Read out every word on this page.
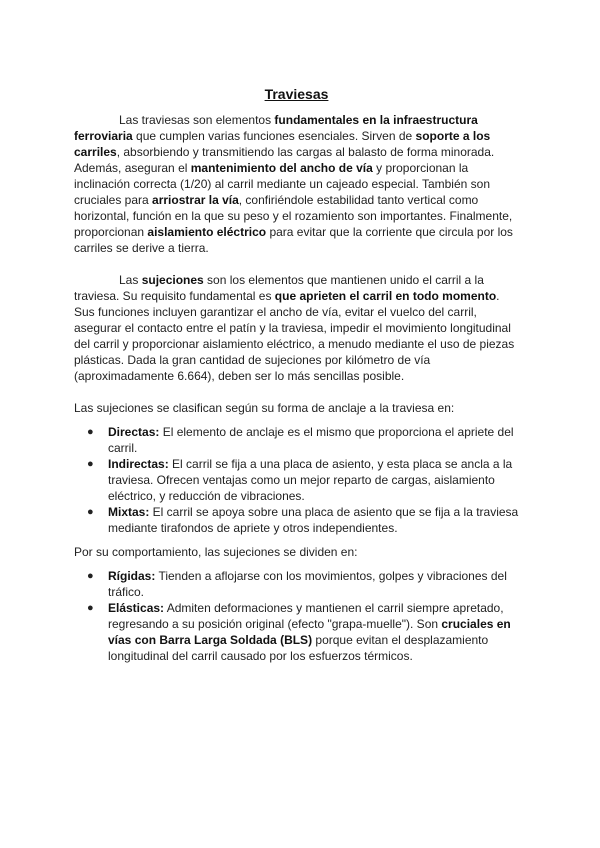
Traviesas

Las traviesas son elementos fundamentales en la infraestructura ferroviaria que cumplen varias funciones esenciales. Sirven de soporte a los carriles, absorbiendo y transmitiendo las cargas al balasto de forma minorada. Además, aseguran el mantenimiento del ancho de vía y proporcionan la inclinación correcta (1/20) al carril mediante un cajeado especial. También son cruciales para arriostrar la vía, confiriéndole estabilidad tanto vertical como horizontal, función en la que su peso y el rozamiento son importantes. Finalmente, proporcionan aislamiento eléctrico para evitar que la corriente que circula por los carriles se derive a tierra.

Las sujeciones son los elementos que mantienen unido el carril a la traviesa. Su requisito fundamental es que aprieten el carril en todo momento. Sus funciones incluyen garantizar el ancho de vía, evitar el vuelco del carril, asegurar el contacto entre el patín y la traviesa, impedir el movimiento longitudinal del carril y proporcionar aislamiento eléctrico, a menudo mediante el uso de piezas plásticas. Dada la gran cantidad de sujeciones por kilómetro de vía (aproximadamente 6.664), deben ser lo más sencillas posible.

Las sujeciones se clasifican según su forma de anclaje a la traviesa en:

● Directas: El elemento de anclaje es el mismo que proporciona el apriete del carril.
● Indirectas: El carril se fija a una placa de asiento, y esta placa se ancla a la traviesa. Ofrecen ventajas como un mejor reparto de cargas, aislamiento eléctrico, y reducción de vibraciones.
● Mixtas: El carril se apoya sobre una placa de asiento que se fija a la traviesa mediante tirafondos de apriete y otros independientes.

Por su comportamiento, las sujeciones se dividen en:

● Rígidas: Tienden a aflojarse con los movimientos, golpes y vibraciones del tráfico.
● Elásticas: Admiten deformaciones y mantienen el carril siempre apretado, regresando a su posición original (efecto "grapa-muelle"). Son cruciales en vías con Barra Larga Soldada (BLS) porque evitan el desplazamiento longitudinal del carril causado por los esfuerzos térmicos.
